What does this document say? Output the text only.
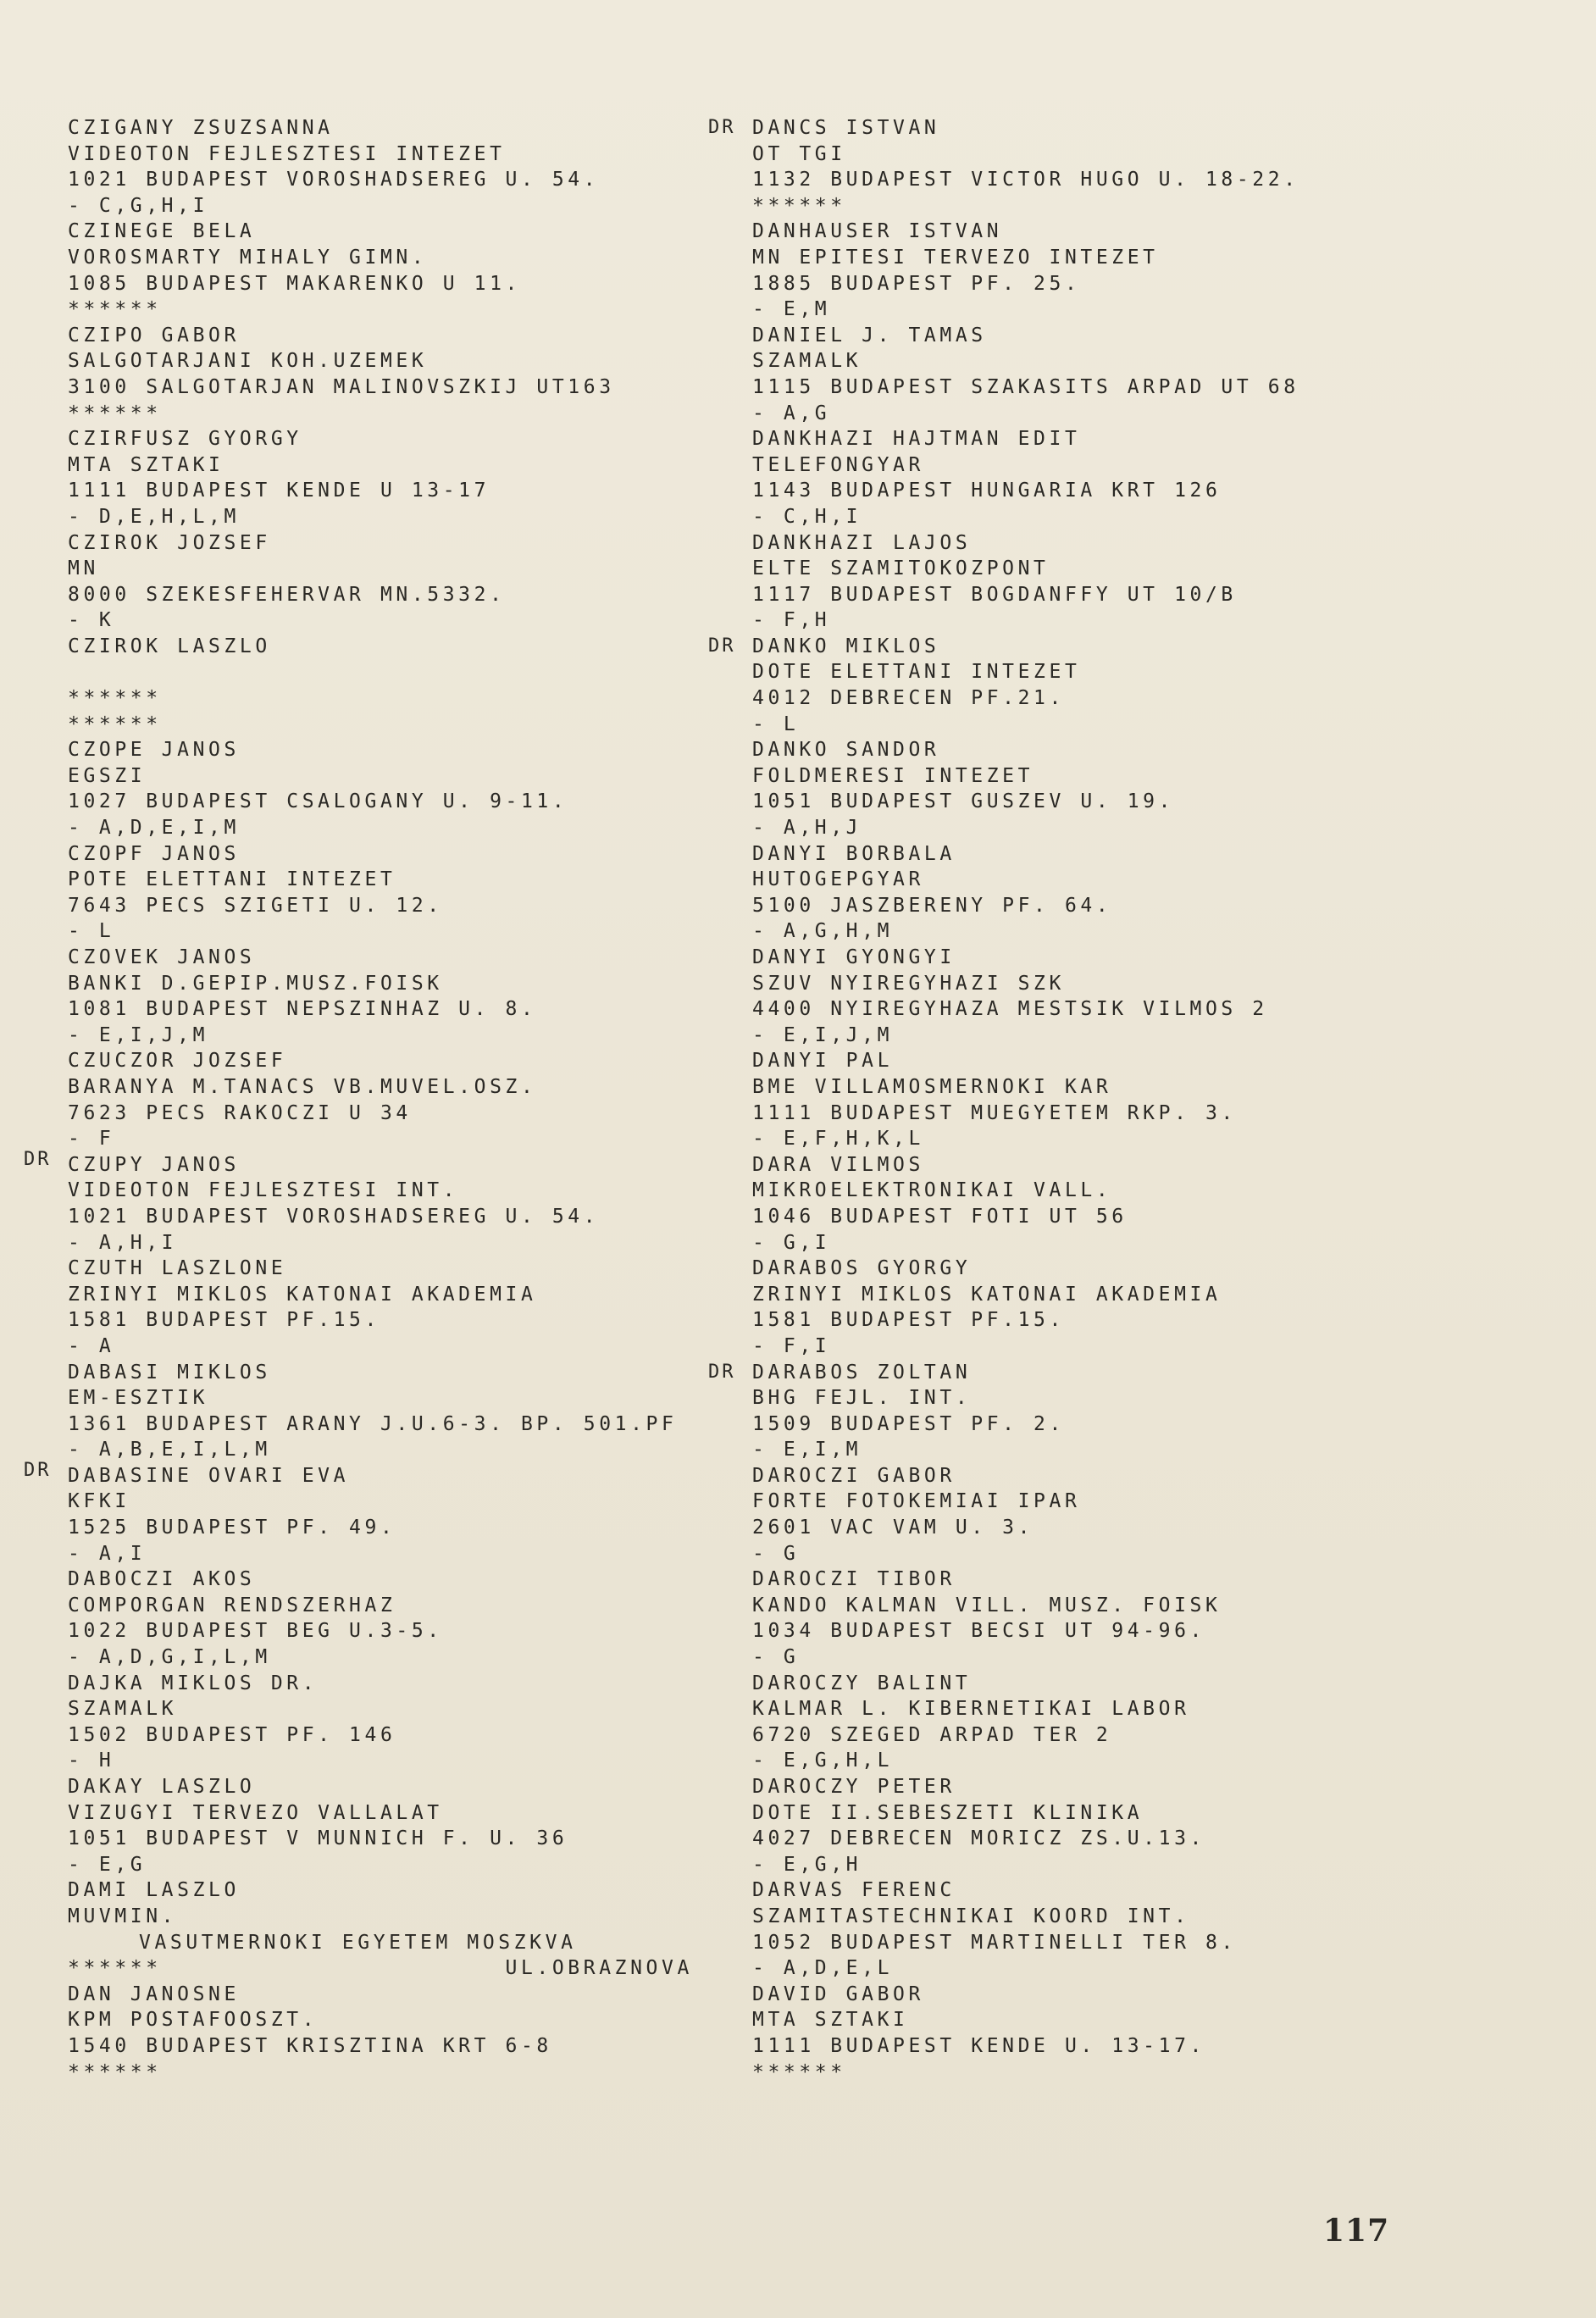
CZIGANY ZSUZSANNA
VIDEOTON FEJLESZTESI INTEZET
1021 BUDAPEST VOROSHADSEREG U. 54.
- C,G,H,I
CZINEGE BELA
VOROSMARTY MIHALY GIMN.
1085 BUDAPEST MAKARENKO U 11.
******
CZIPO GABOR
SALGOTARJANI KOH.UZEMEK
3100 SALGOTARJAN MALINOVSZKIJ UT163
******
CZIRFUSZ GYORGY
MTA SZTAKI
1111 BUDAPEST KENDE U 13-17
- D,E,H,L,M
CZIROK JOZSEF
MN
8000 SZEKESFEHERVAR MN.5332.
- K
CZIROK LASZLO
******
******
CZOPE JANOS
EGSZI
1027 BUDAPEST CSALOGANY U. 9-11.
- A,D,E,I,M
CZOPF JANOS
POTE ELETTANI INTEZET
7643 PECS SZIGETI U. 12.
- L
CZOVEK JANOS
BANKI D.GEPIP.MUSZ.FOISK
1081 BUDAPEST NEPSZINHAZ U. 8.
- E,I,J,M
CZUCZOR JOZSEF
BARANYA M.TANACS VB.MUVEL.OSZ.
7623 PECS RAKOCZI U 34
- F
DR CZUPY JANOS
VIDEOTON FEJLESZTESI INT.
1021 BUDAPEST VOROSHADSEREG U. 54.
- A,H,I
CZUTH LASZLONE
ZRINYI MIKLOS KATONAI AKADEMIA
1581 BUDAPEST PF.15.
- A
DABASI MIKLOS
EM-ESZTIK
1361 BUDAPEST ARANY J.U.6-3. BP. 501.PF
- A,B,E,I,L,M
DR DABASINE OVARI EVA
KFKI
1525 BUDAPEST PF. 49.
- A,I
DABOCZI AKOS
COMPORGAN RENDSZERHAZ
1022 BUDAPEST BEG U.3-5.
- A,D,G,I,L,M
DAJKA MIKLOS DR.
SZAMALK
1502 BUDAPEST PF. 146
- H
DAKAY LASZLO
VIZUGYI TERVEZO VALLALAT
1051 BUDAPEST V MUNNICH F. U. 36
- E,G
DAMI LASZLO
MUVMIN.
VASUTMERNOKI EGYETEM MOSZKVA
******                      UL.OBRAZNOVA
DAN JANOSNE
KPM POSTAFOOSZT.
1540 BUDAPEST KRISZTINA KRT 6-8
******
DR DANCS ISTVAN
OT TGI
1132 BUDAPEST VICTOR HUGO U. 18-22.
******
DANHAUSER ISTVAN
MN EPITESI TERVEZO INTEZET
1885 BUDAPEST PF. 25.
- E,M
DANIEL J. TAMAS
SZAMALK
1115 BUDAPEST SZAKASITS ARPAD UT 68
- A,G
DANKHAZI HAJTMAN EDIT
TELEFONGYAR
1143 BUDAPEST HUNGARIA KRT 126
- C,H,I
DANKHAZI LAJOS
ELTE SZAMITOKOZPONT
1117 BUDAPEST BOGDANFFY UT 10/B
- F,H
DR DANKO MIKLOS
DOTE ELETTANI INTEZET
4012 DEBRECEN PF.21.
- L
DANKO SANDOR
FOLDMERESI INTEZET
1051 BUDAPEST GUSZEV U. 19.
- A,H,J
DANYI BORBALA
HUTOGEPGYAR
5100 JASZBERENY PF. 64.
- A,G,H,M
DANYI GYONGYI
SZUV NYIREGYHAZI SZK
4400 NYIREGYHAZA MESTSIK VILMOS 2
- E,I,J,M
DANYI PAL
BME VILLAMOSMERNOKI KAR
1111 BUDAPEST MUEGYETEM RKP. 3.
- E,F,H,K,L
DARA VILMOS
MIKROELEKTRONIKAI VALL.
1046 BUDAPEST FOTI UT 56
- G,I
DARABOS GYORGY
ZRINYI MIKLOS KATONAI AKADEMIA
1581 BUDAPEST PF.15.
- F,I
DR DARABOS ZOLTAN
BHG FEJL. INT.
1509 BUDAPEST PF. 2.
- E,I,M
DAROCZI GABOR
FORTE FOTOKEMIAI IPAR
2601 VAC VAM U. 3.
- G
DAROCZI TIBOR
KANDO KALMAN VILL. MUSZ. FOISK
1034 BUDAPEST BECSI UT 94-96.
- G
DAROCZY BALINT
KALMAR L. KIBERNETIKAI LABOR
6720 SZEGED ARPAD TER 2
- E,G,H,L
DAROCZY PETER
DOTE II.SEBESZETI KLINIKA
4027 DEBRECEN MORICZ ZS.U.13.
- E,G,H
DARVAS FERENC
SZAMITASTECHNIKAI KOORD INT.
1052 BUDAPEST MARTINELLI TER 8.
- A,D,E,L
DAVID GABOR
MTA SZTAKI
1111 BUDAPEST KENDE U. 13-17.
******
117
